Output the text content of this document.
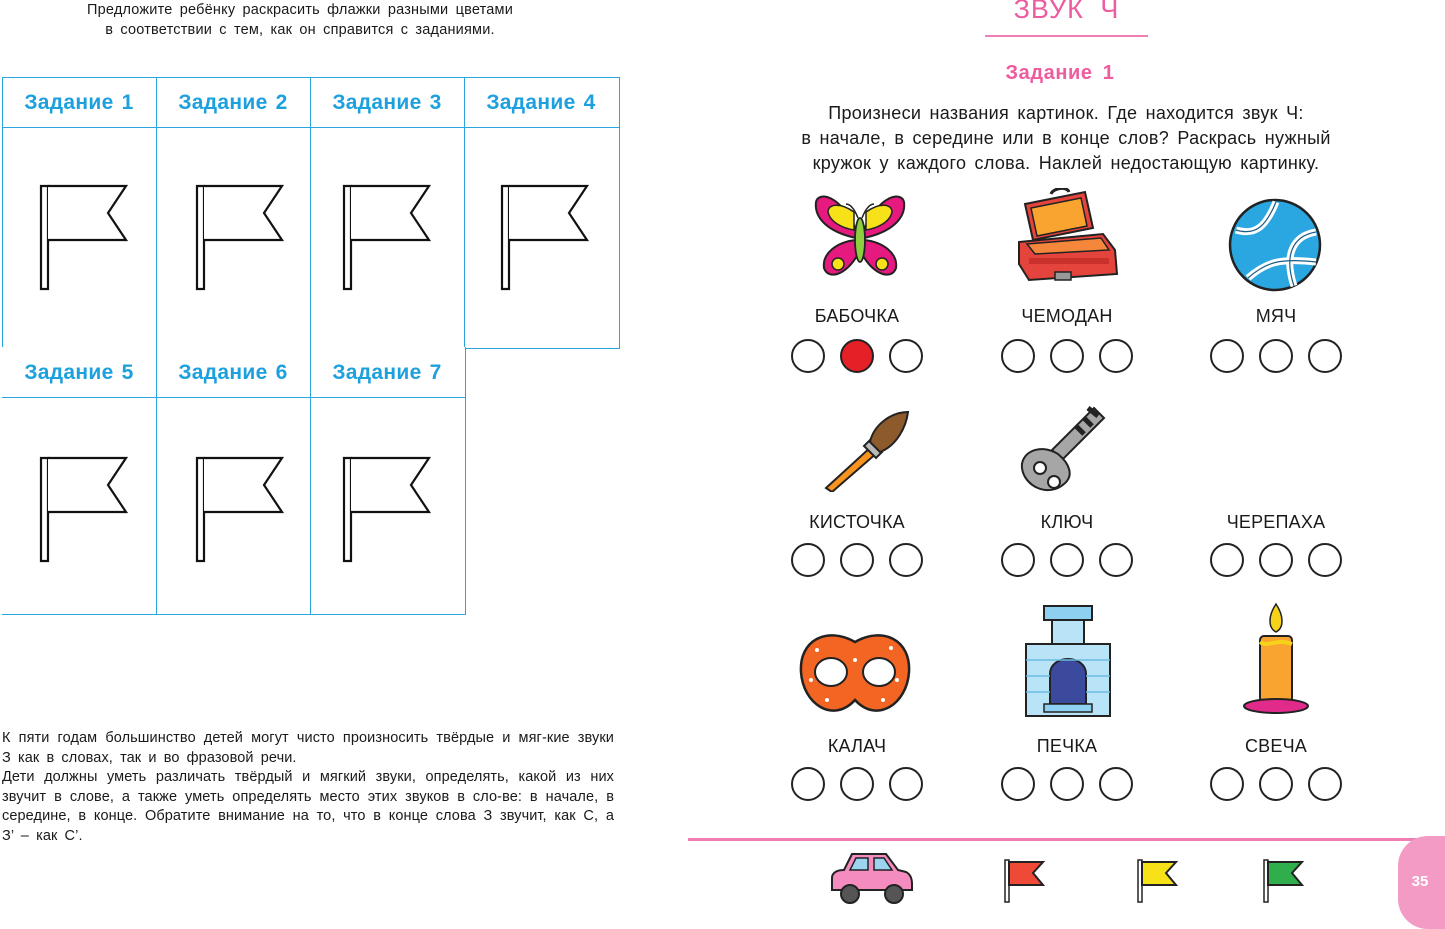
Предложите ребёнку раскрасить флажки разными цветами
в соответствии с тем, как он справится с заданиями.
Задание 1	Задание 2	Задание 3	Задание 4
Задание 5	Задание 6	Задание 7

К пяти годам большинство детей могут чисто произносить твёрдые и мяг-кие звуки З как в словах, так и во фразовой речи.

Дети должны уметь различать твёрдый и мягкий звуки, определять, какой из них звучит в слове, а также уметь определять место этих звуков в сло-ве: в начале, в середине, в конце. Обратите внимание на то, что в конце слова З звучит, как С, а З’ – как С’.

ЗВУК Ч
Задание 1
Произнеси названия картинок. Где находится звук Ч:
в начале, в середине или в конце слов? Раскрась нужный
кружок у каждого слова. Наклей недостающую картинку.
БАБОЧКА	ЧЕМОДАН	МЯЧ
КИСТОЧКА	КЛЮЧ	ЧЕРЕПАХА
КАЛАЧ	ПЕЧКА	СВЕЧА
35
